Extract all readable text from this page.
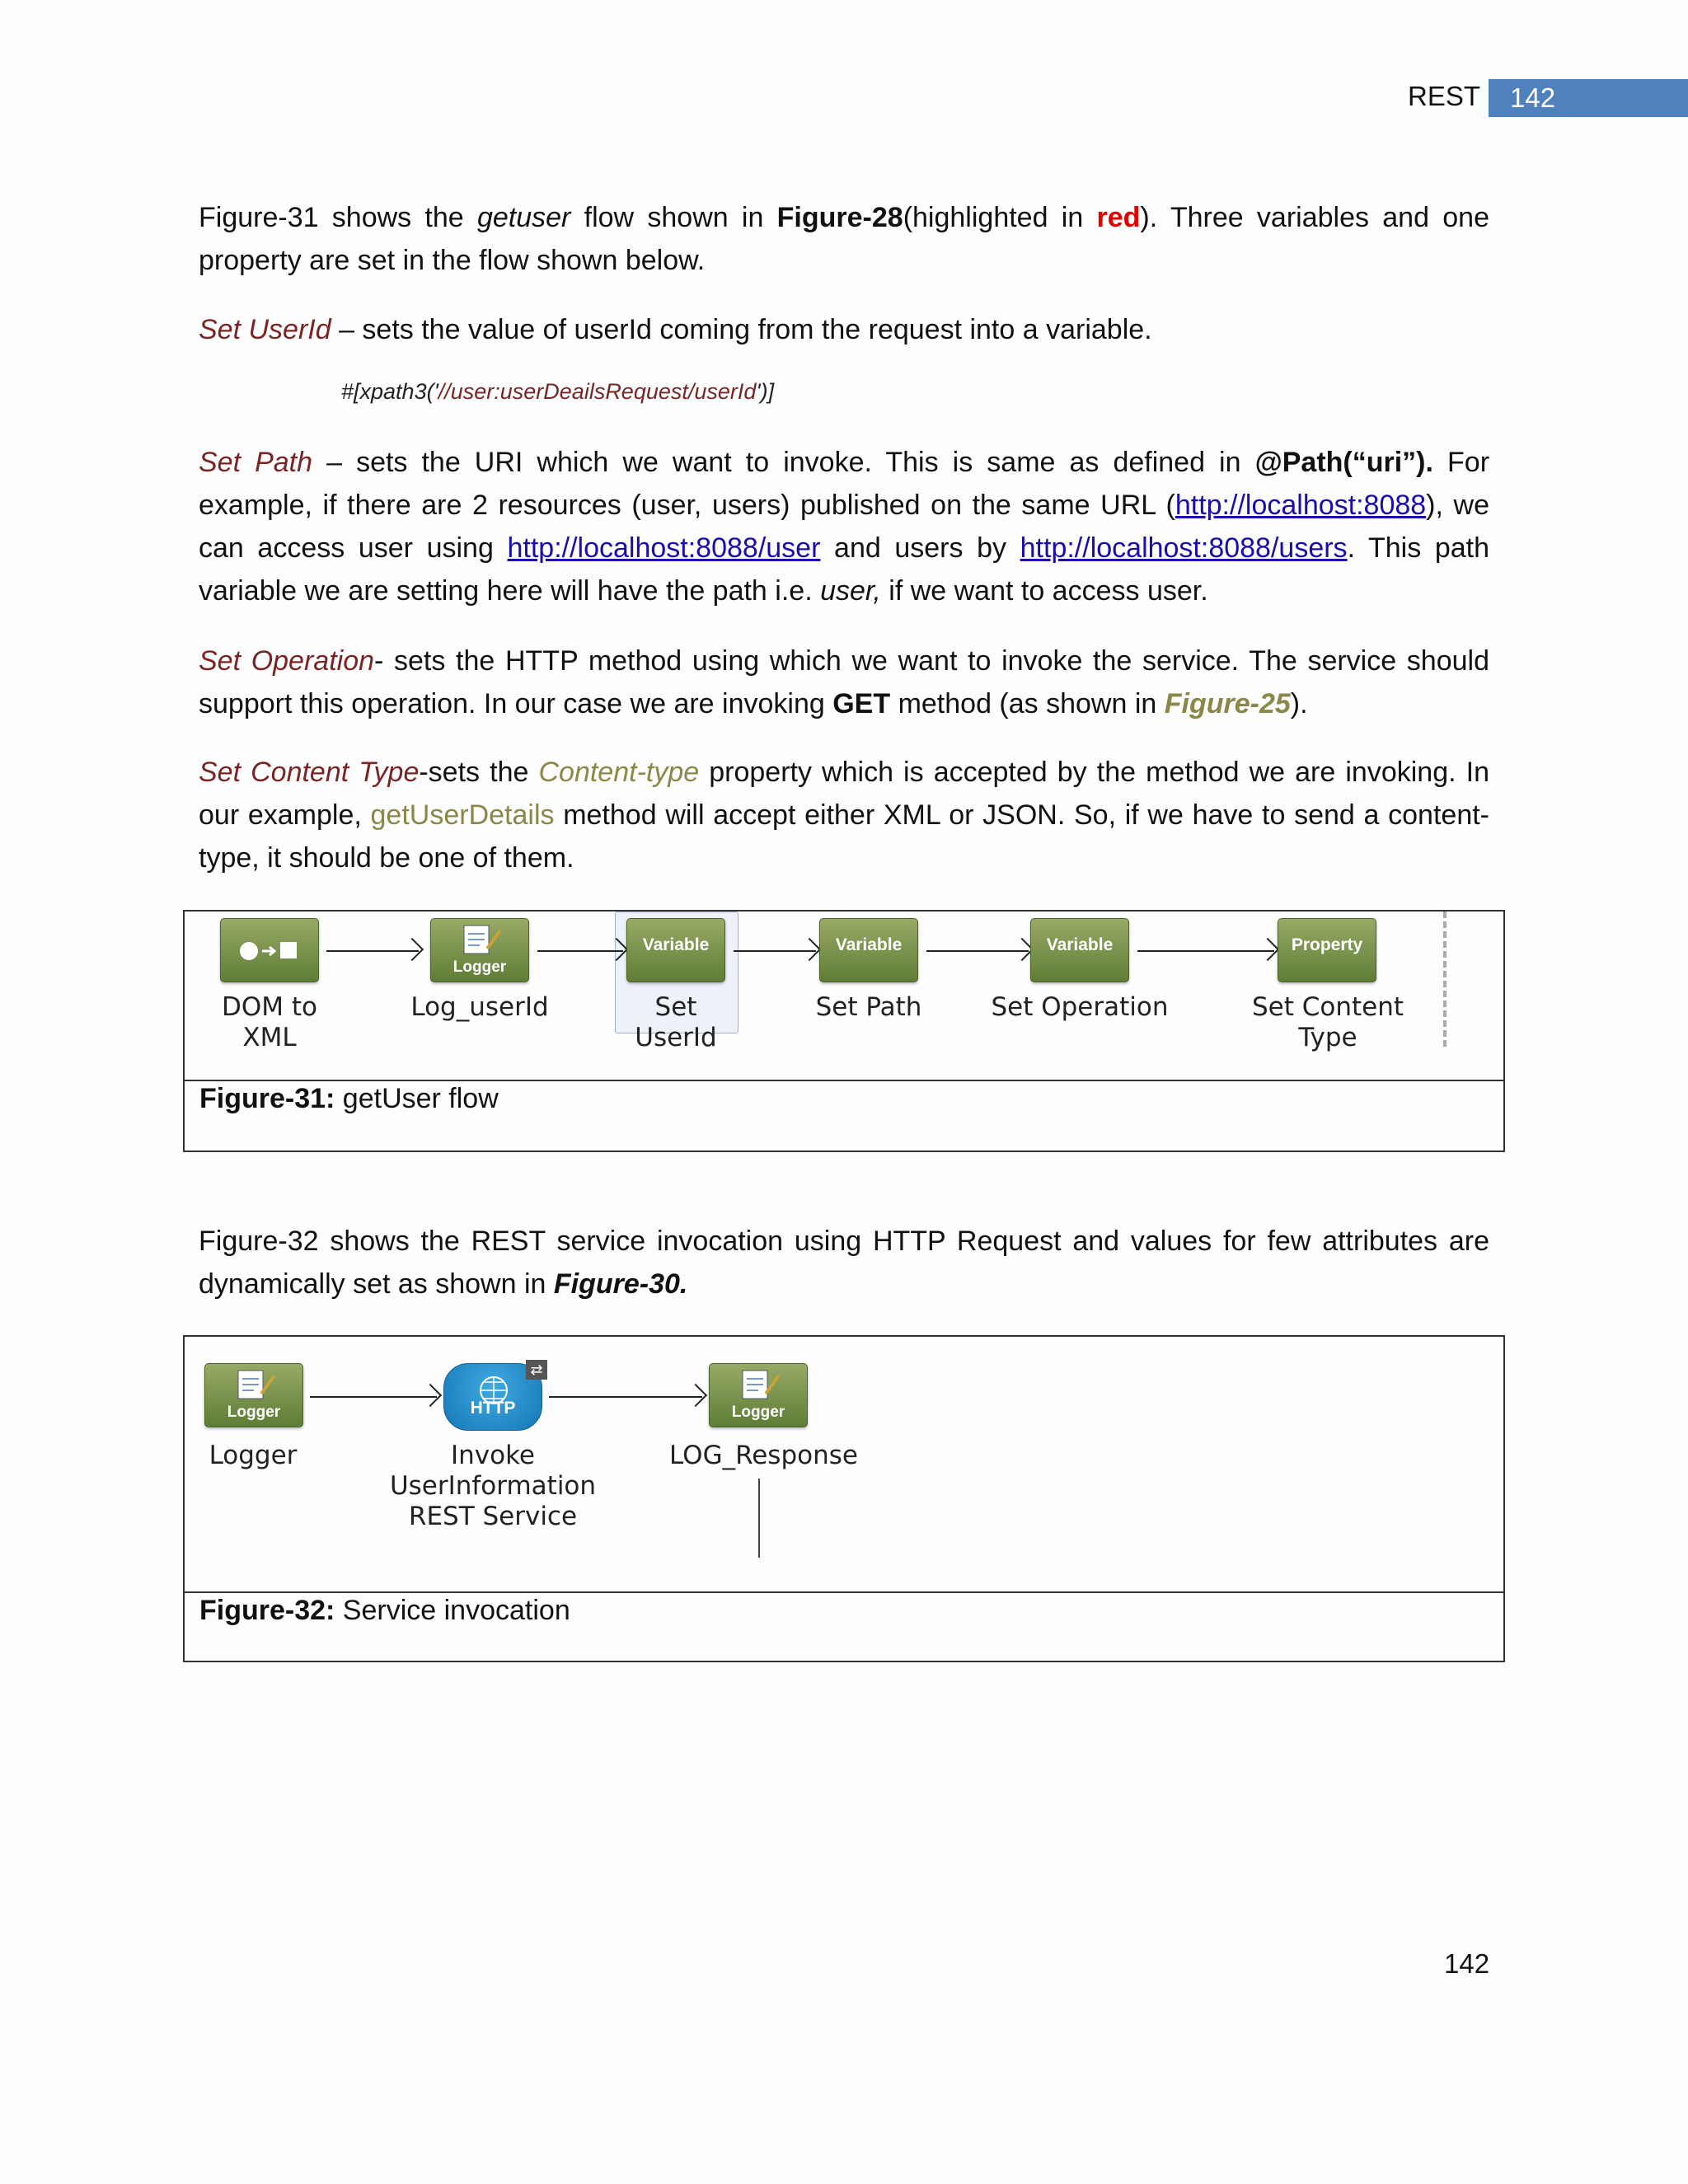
REST	142

Figure-31 shows the getuser flow shown in Figure-28(highlighted in red). Three variables and one property are set in the flow shown below.

Set UserId – sets the value of userId coming from the request into a variable.

#[xpath3('//user:userDeailsRequest/userId')]

Set Path – sets the URI which we want to invoke. This is same as defined in @Path(“uri”). For example, if there are 2 resources (user, users) published on the same URL (http://localhost:8088), we can access user using http://localhost:8088/user and users by http://localhost:8088/users. This path variable we are setting here will have the path i.e. user, if we want to access user.

Set Operation- sets the HTTP method using which we want to invoke the service. The service should support this operation. In our case we are invoking GET method (as shown in Figure-25).

Set Content Type-sets the Content-type property which is accepted by the method we are invoking. In our example, getUserDetails method will accept either XML or JSON. So, if we have to send a content-type, it should be one of them.

DOM to XML
Logger
Log_userId
Variable
Set UserId
Variable
Set Path
Variable
Set Operation
Property
Set Content Type
Figure-31: getUser flow

Figure-32 shows the REST service invocation using HTTP Request and values for few attributes are dynamically set as shown in Figure-30.

Logger
Logger
HTTP
⇄
Invoke
UserInformation
REST Service
Logger
LOG_Response
Figure-32: Service invocation
142
